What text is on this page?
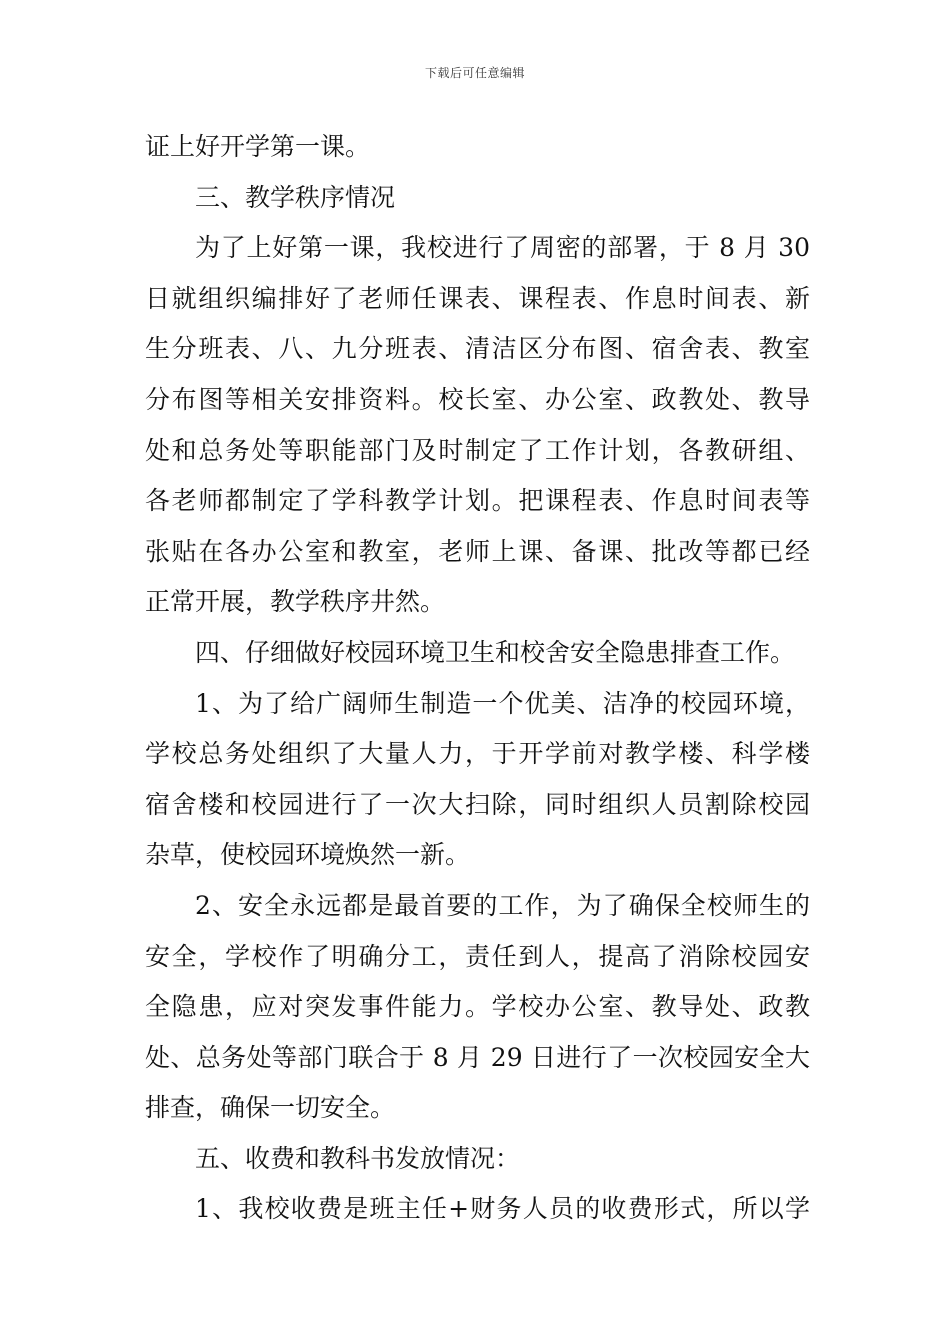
下载后可任意编辑
证上好开学第一课。
三、教学秩序情况
为了上好第一课，我校进行了周密的部署，于 8 月 30
日就组织编排好了老师任课表、课程表、作息时间表、新
生分班表、八、九分班表、清洁区分布图、宿舍表、教室
分布图等相关安排资料。校长室、办公室、政教处、教导
处和总务处等职能部门及时制定了工作计划，各教研组、
各老师都制定了学科教学计划。把课程表、作息时间表等
张贴在各办公室和教室，老师上课、备课、批改等都已经
正常开展，教学秩序井然。
四、仔细做好校园环境卫生和校舍安全隐患排查工作。
1、为了给广阔师生制造一个优美、洁净的校园环境，
学校总务处组织了大量人力，于开学前对教学楼、科学楼
宿舍楼和校园进行了一次大扫除，同时组织人员割除校园
杂草，使校园环境焕然一新。
2、安全永远都是最首要的工作，为了确保全校师生的
安全，学校作了明确分工，责任到人，提高了消除校园安
全隐患，应对突发事件能力。学校办公室、教导处、政教
处、总务处等部门联合于 8 月 29 日进行了一次校园安全大
排查，确保一切安全。
五、收费和教科书发放情况：
1、我校收费是班主任+财务人员的收费形式，所以学
